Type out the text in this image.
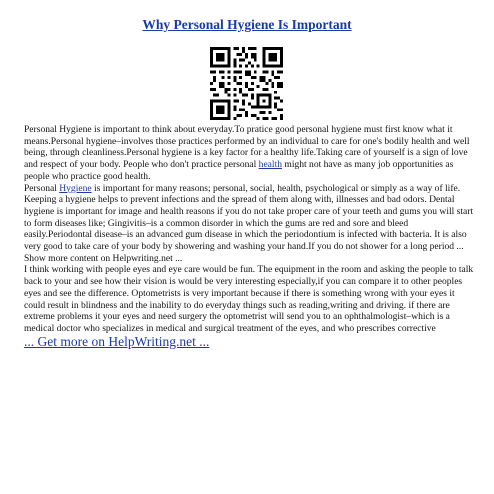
Why Personal Hygiene Is Important

Personal Hygiene is important to think about everyday.To pratice good personal hygiene must first know what it means.Personal hygiene–involves those practices performed by an individual to care for one's bodily health and well being, through cleanliness.Personal hygiene is a key factor for a healthy life.Taking care of yourself is a sign of love and respect of your body. People who don't practice personal health might not have as many job opportunities as people who practice good health.

Personal Hygiene is important for many reasons; personal, social, health, psychological or simply as a way of life. Keeping a hygiene helps to prevent infections and the spread of them along with, illnesses and bad odors. Dental hygiene is important for image and health reasons if you do not take proper care of your teeth and gums you will start to form diseases like; Gingivitis–is a common disorder in which the gums are red and sore and bleed easily.Periodontal disease–is an advanced gum disease in which the periodontium is infected with bacteria. It is also very good to take care of your body by showering and washing your hand.If you do not shower for a long period ... Show more content on Helpwriting.net ...

I think working with people eyes and eye care would be fun. The equipment in the room and asking the people to talk back to your and see how their vision is would be very interesting especially,if you can compare it to other peoples eyes and see the difference. Optometrists is very important because if there is something wrong with your eyes it could result in blindness and the inability to do everyday things such as reading,writing and driving. if there are extreme problems it your eyes and need surgery the optometrist will send you to an ophthalmologist–which is a medical doctor who specializes in medical and surgical treatment of the eyes, and who prescribes corrective

... Get more on HelpWriting.net ...
